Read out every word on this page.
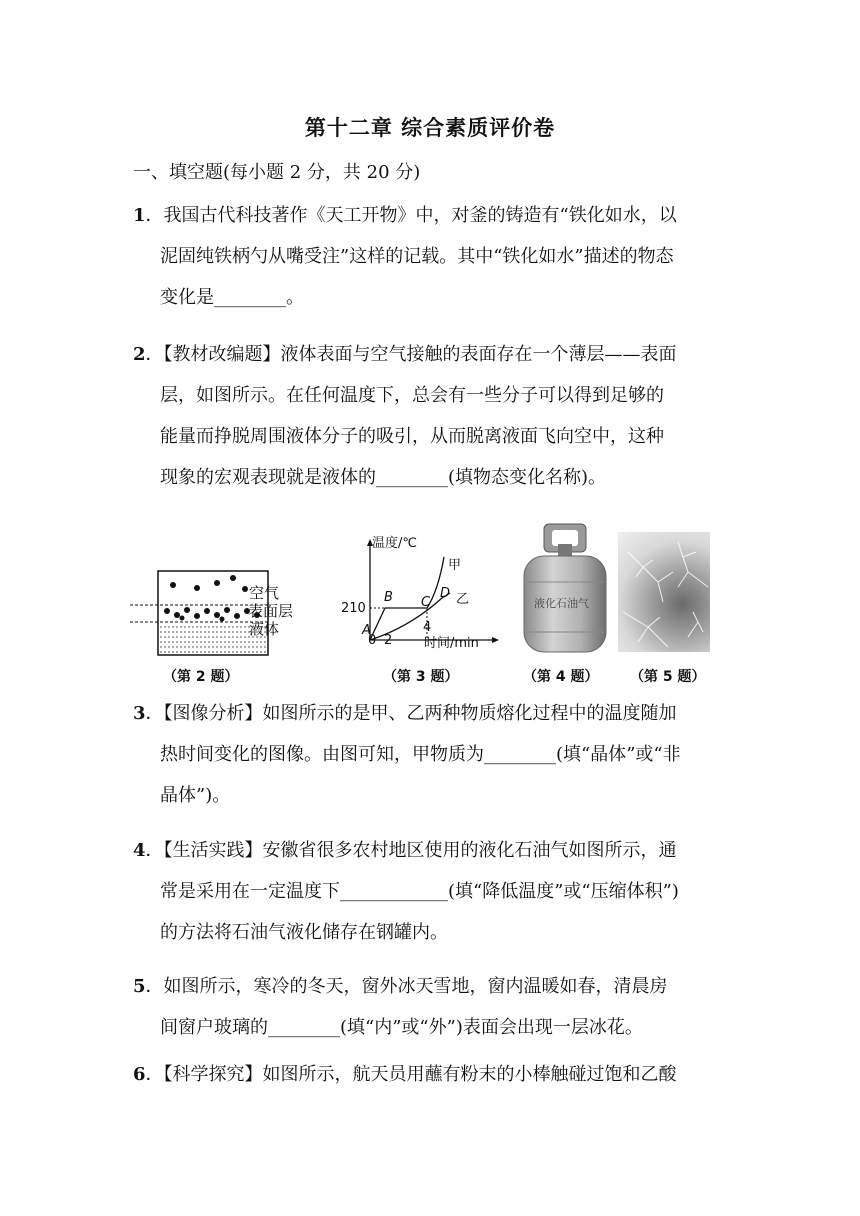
第十二章 综合素质评价卷
一、填空题(每小题 2 分，共 20 分)
1．我国古代科技著作《天工开物》中，对釜的铸造有“铁化如水，以
泥固纯铁柄勺从嘴受注”这样的记载。其中“铁化如水”描述的物态
变化是________。
2．【教材改编题】液体表面与空气接触的表面存在一个薄层——表面
层，如图所示。在任何温度下，总会有一些分子可以得到足够的
能量而挣脱周围液体分子的吸引，从而脱离液面飞向空中，这种
现象的宏观表现就是液体的________(填物态变化名称)。
空气
表面层
液体
（第 2 题）
温度/℃
时间/min
甲
乙
A
B C
D
210
0 2
4
（第 3 题）
液化石油气
（第 4 题） （第 5 题）
3．【图像分析】如图所示的是甲、乙两种物质熔化过程中的温度随加
热时间变化的图像。由图可知，甲物质为________(填“晶体”或“非
晶体”)。
4．【生活实践】安徽省很多农村地区使用的液化石油气如图所示，通
常是采用在一定温度下____________(填“降低温度”或“压缩体积”)
的方法将石油气液化储存在钢罐内。
5．如图所示，寒冷的冬天，窗外冰天雪地，窗内温暖如春，清晨房
间窗户玻璃的________(填“内”或“外”)表面会出现一层冰花。
6．【科学探究】如图所示，航天员用蘸有粉末的小棒触碰过饱和乙酸
